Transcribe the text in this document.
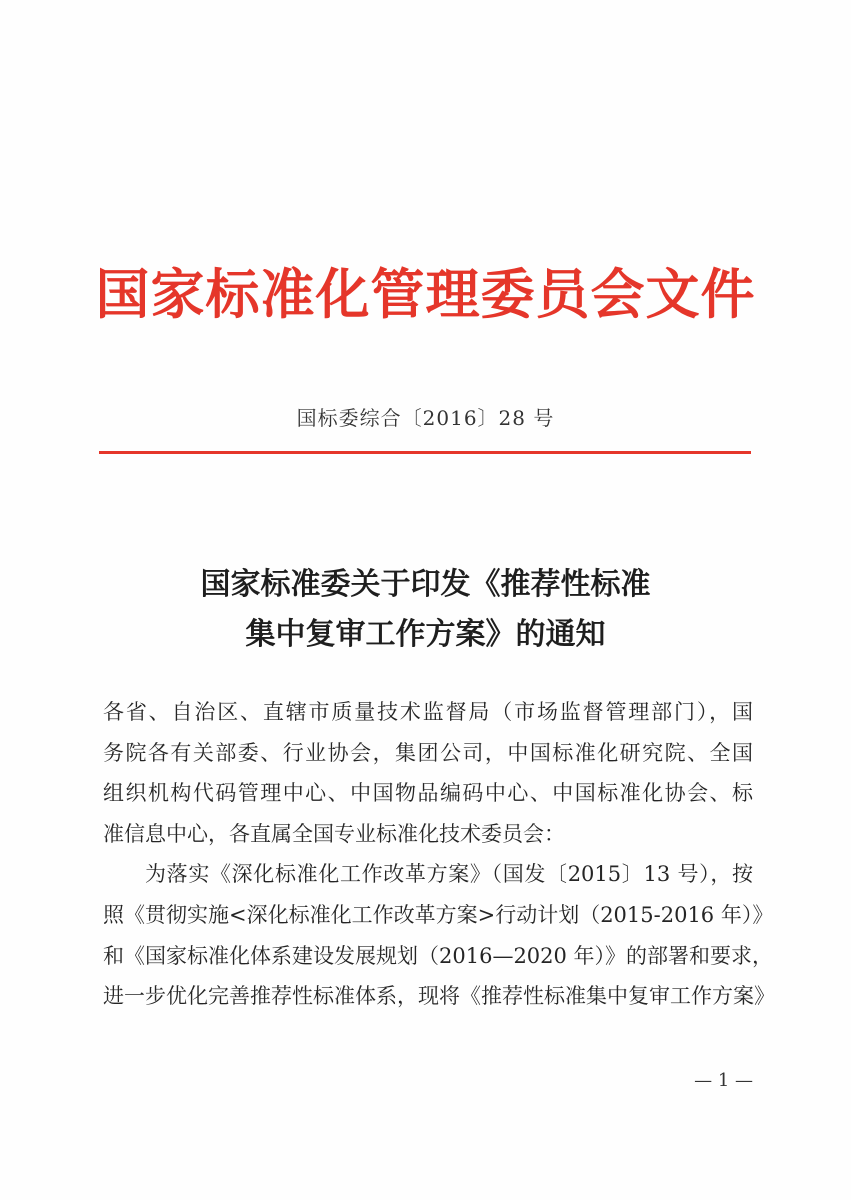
国家标准化管理委员会文件
国标委综合〔2016〕28 号
国家标准委关于印发《推荐性标准
集中复审工作方案》的通知
各省、自治区、直辖市质量技术监督局（市场监督管理部门），国
务院各有关部委、行业协会，集团公司，中国标准化研究院、全国
组织机构代码管理中心、中国物品编码中心、中国标准化协会、标
准信息中心，各直属全国专业标准化技术委员会：
为落实《深化标准化工作改革方案》（国发〔2015〕13 号），按
照《贯彻实施<深化标准化工作改革方案>行动计划（2015-2016 年）》
和《国家标准化体系建设发展规划（2016—2020 年）》的部署和要求，
进一步优化完善推荐性标准体系，现将《推荐性标准集中复审工作方案》
— 1 —
